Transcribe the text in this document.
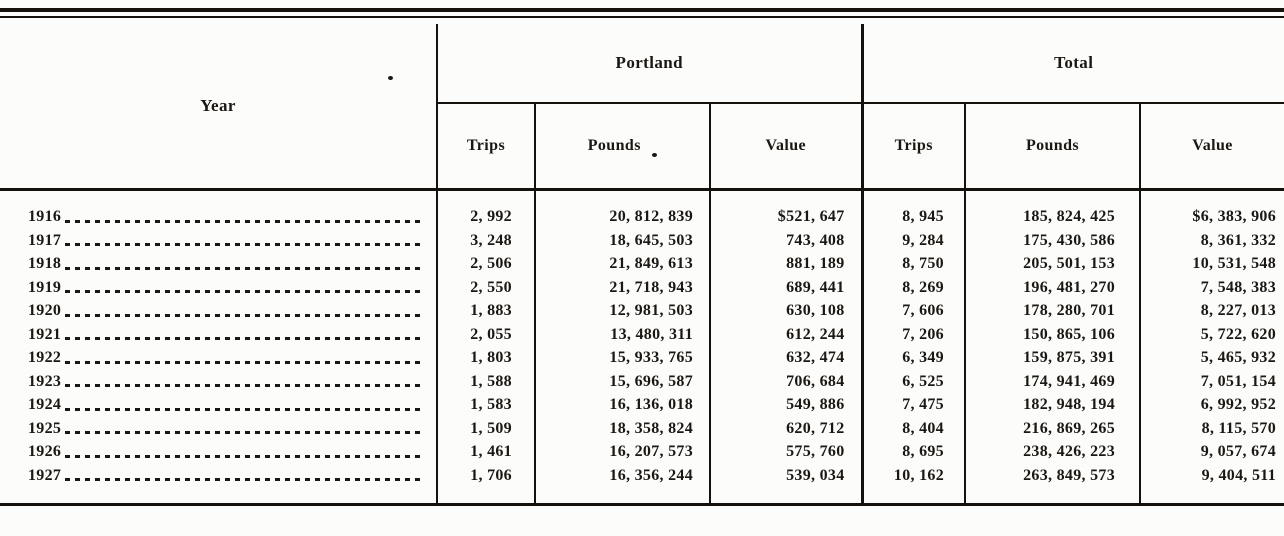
Year	Portland			Total		
	Trips	Pounds	Value	Trips	Pounds	Value

1916	2, 992	20, 812, 839	$521, 647	8, 945	185, 824, 425	$6, 383, 906

1917	3, 248	18, 645, 503	743, 408	9, 284	175, 430, 586	8, 361, 332

1918	2, 506	21, 849, 613	881, 189	8, 750	205, 501, 153	10, 531, 548

1919	2, 550	21, 718, 943	689, 441	8, 269	196, 481, 270	7, 548, 383

1920	1, 883	12, 981, 503	630, 108	7, 606	178, 280, 701	8, 227, 013

1921	2, 055	13, 480, 311	612, 244	7, 206	150, 865, 106	5, 722, 620

1922	1, 803	15, 933, 765	632, 474	6, 349	159, 875, 391	5, 465, 932

1923	1, 588	15, 696, 587	706, 684	6, 525	174, 941, 469	7, 051, 154

1924	1, 583	16, 136, 018	549, 886	7, 475	182, 948, 194	6, 992, 952

1925	1, 509	18, 358, 824	620, 712	8, 404	216, 869, 265	8, 115, 570

1926	1, 461	16, 207, 573	575, 760	8, 695	238, 426, 223	9, 057, 674

1927	1, 706	16, 356, 244	539, 034	10, 162	263, 849, 573	9, 404, 511
